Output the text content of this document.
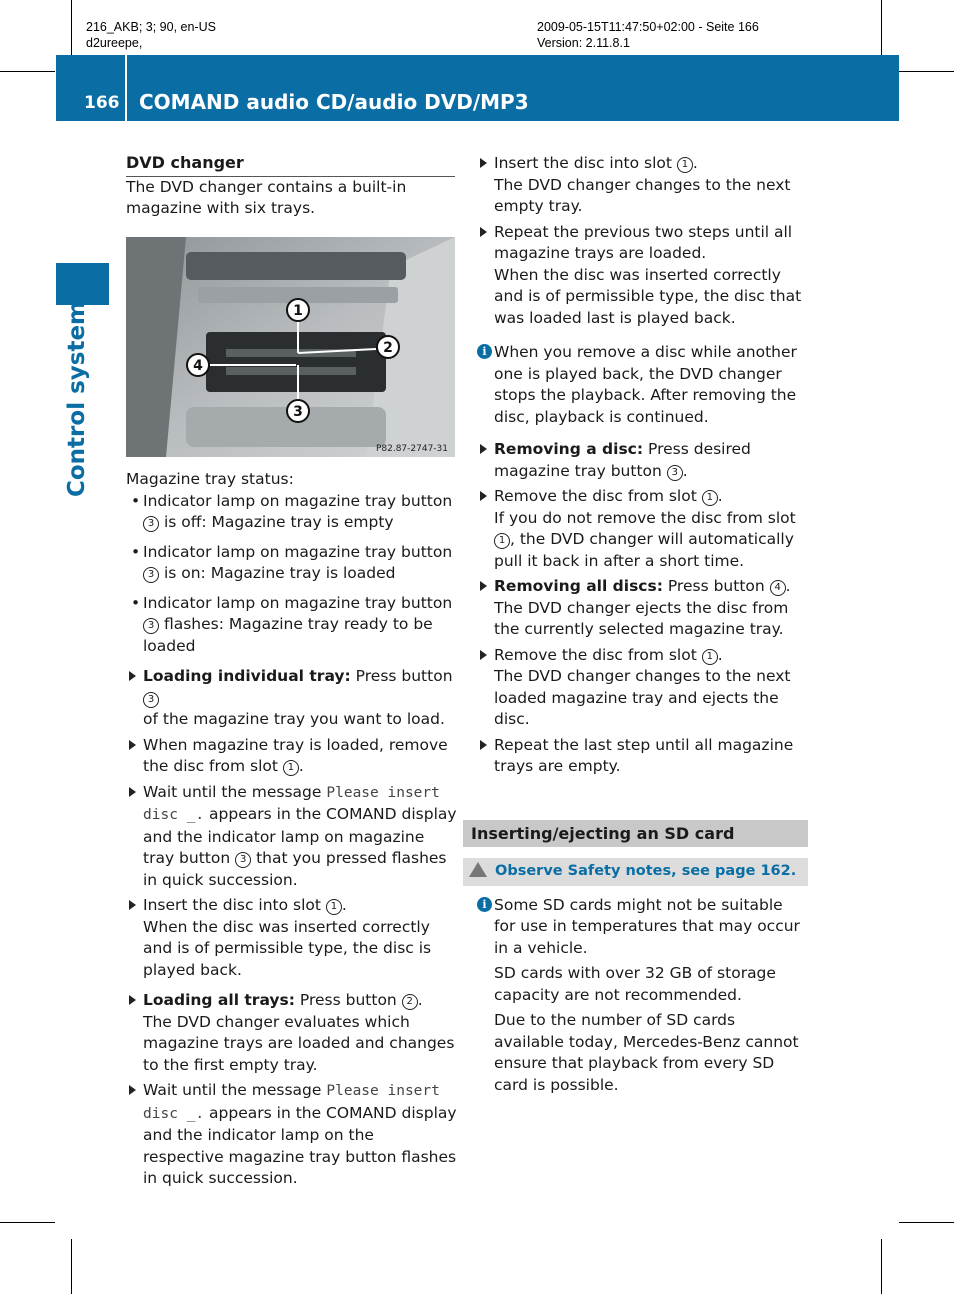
216_AKB; 3; 90, en-US
d2ureepe,
2009-05-15T11:47:50+02:00 - Seite 166
Version: 2.11.8.1
166 COMAND audio CD/audio DVD/MP3
Control systems

DVD changer

The DVD changer contains a built-in magazine with six trays.

1
2
3
4
P82.87-2747-31

Magazine tray status:

• Indicator lamp on magazine tray button
3 is off: Magazine tray is empty

• Indicator lamp on magazine tray button
3 is on: Magazine tray is loaded

• Indicator lamp on magazine tray button
3 flashes: Magazine tray ready to be loaded

Loading individual tray: Press button 3
of the magazine tray you want to load.

When magazine tray is loaded, remove the disc from slot 1 .

Wait until the message Please insert disc _. appears in the COMAND display and the indicator lamp on magazine tray button 3 that you pressed flashes in quick succession.

Insert the disc into slot 1 .
When the disc was inserted correctly and is of permissible type, the disc is played back.

Loading all trays: Press button 2 .
The DVD changer evaluates which magazine trays are loaded and changes to the first empty tray.

Wait until the message Please insert disc _. appears in the COMAND display and the indicator lamp on the respective magazine tray button flashes in quick succession.

Insert the disc into slot 1 .
The DVD changer changes to the next empty tray.

Repeat the previous two steps until all magazine trays are loaded.
When the disc was inserted correctly and is of permissible type, the disc that was loaded last is played back.

i When you remove a disc while another one is played back, the DVD changer stops the playback. After removing the disc, playback is continued.

Removing a disc: Press desired magazine tray button 3 .

Remove the disc from slot 1 .
If you do not remove the disc from slot 1 , the DVD changer will automatically pull it back in after a short time.

Removing all discs: Press button 4 .
The DVD changer ejects the disc from the currently selected magazine tray.

Remove the disc from slot 1 .
The DVD changer changes to the next loaded magazine tray and ejects the disc.

Repeat the last step until all magazine trays are empty.

Inserting/ejecting an SD card

Observe Safety notes, see page 162.

i Some SD cards might not be suitable for use in temperatures that may occur in a vehicle.

SD cards with over 32 GB of storage capacity are not recommended.

Due to the number of SD cards available today, Mercedes-Benz cannot ensure that playback from every SD card is possible.
